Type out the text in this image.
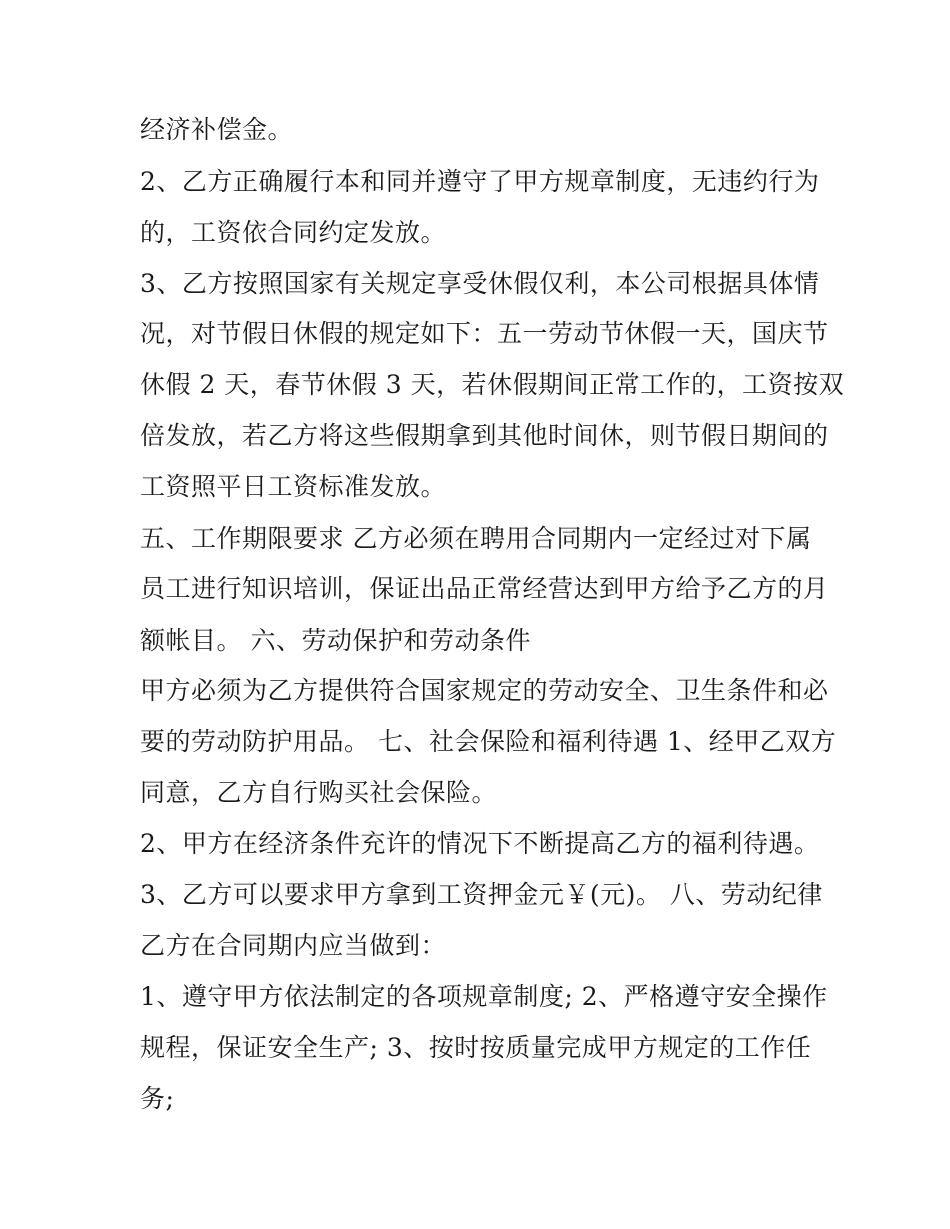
经济补偿金。
2、乙方正确履行本和同并遵守了甲方规章制度，无违约行为
的，工资依合同约定发放。
3、乙方按照国家有关规定享受休假仅利，本公司根据具体情
况，对节假日休假的规定如下：五一劳动节休假一天，国庆节
休假 2 天，春节休假 3 天，若休假期间正常工作的，工资按双
倍发放，若乙方将这些假期拿到其他时间休，则节假日期间的
工资照平日工资标准发放。
五、工作期限要求 乙方必须在聘用合同期内一定经过对下属
员工进行知识培训，保证出品正常经营达到甲方给予乙方的月
额帐目。 六、劳动保护和劳动条件
甲方必须为乙方提供符合国家规定的劳动安全、卫生条件和必
要的劳动防护用品。 七、社会保险和福利待遇 1、经甲乙双方
同意，乙方自行购买社会保险。
2、甲方在经济条件充许的情况下不断提高乙方的福利待遇。
3、乙方可以要求甲方拿到工资押金元￥(元)。 八、劳动纪律
乙方在合同期内应当做到：
1、遵守甲方依法制定的各项规章制度; 2、严格遵守安全操作
规程，保证安全生产; 3、按时按质量完成甲方规定的工作任
务;
